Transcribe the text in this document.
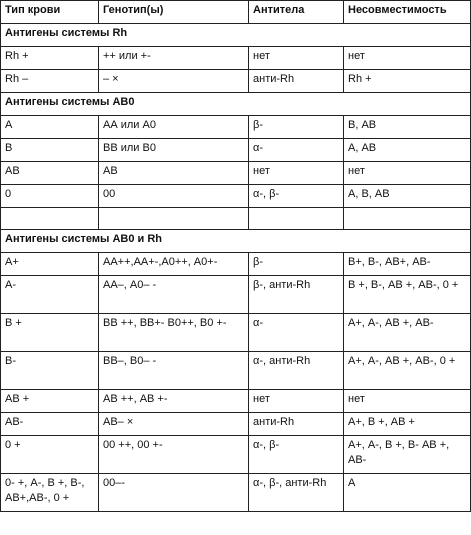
Тип крови	Генотип(ы)	Антитела	Несовместимость
Антигены системы Rh			
Rh +	++ или +-	нет	нет
Rh –	– ×	анти-Rh	Rh +
Антигены системы АВ0			
А	АА или А0	β-	В, АВ
В	ВВ или В0	α-	А, АВ
АВ	АВ	нет	нет
0	00	α-, β-	А, В, АВ

Антигены системы АВ0 и Rh			
А+	АА++,АА+-,А0++, А0+-	β-	В+, В-, АВ+, АВ-
А-	АА–, А0– -	β-, анти-Rh	В +, В-, АВ +, АВ-, 0 +
В +	ВВ ++, ВВ+- В0++, В0 +-	α-	А+, А-, АВ +, АВ-
В-	ВВ–, В0– -	α-, анти-Rh	А+, А-, АВ +, АВ-, 0 +
АВ +	АВ ++, АВ +-	нет	нет
АВ-	АВ– ×	анти-Rh	А+, В +, АВ +
0 +	00 ++, 00 +-	α-, β-	А+, А-, В +, В- АВ +, АВ-
0- +, А-, В +, В-, АВ+,АВ-, 0 +	00–-	α-, β-, анти-Rh	А
